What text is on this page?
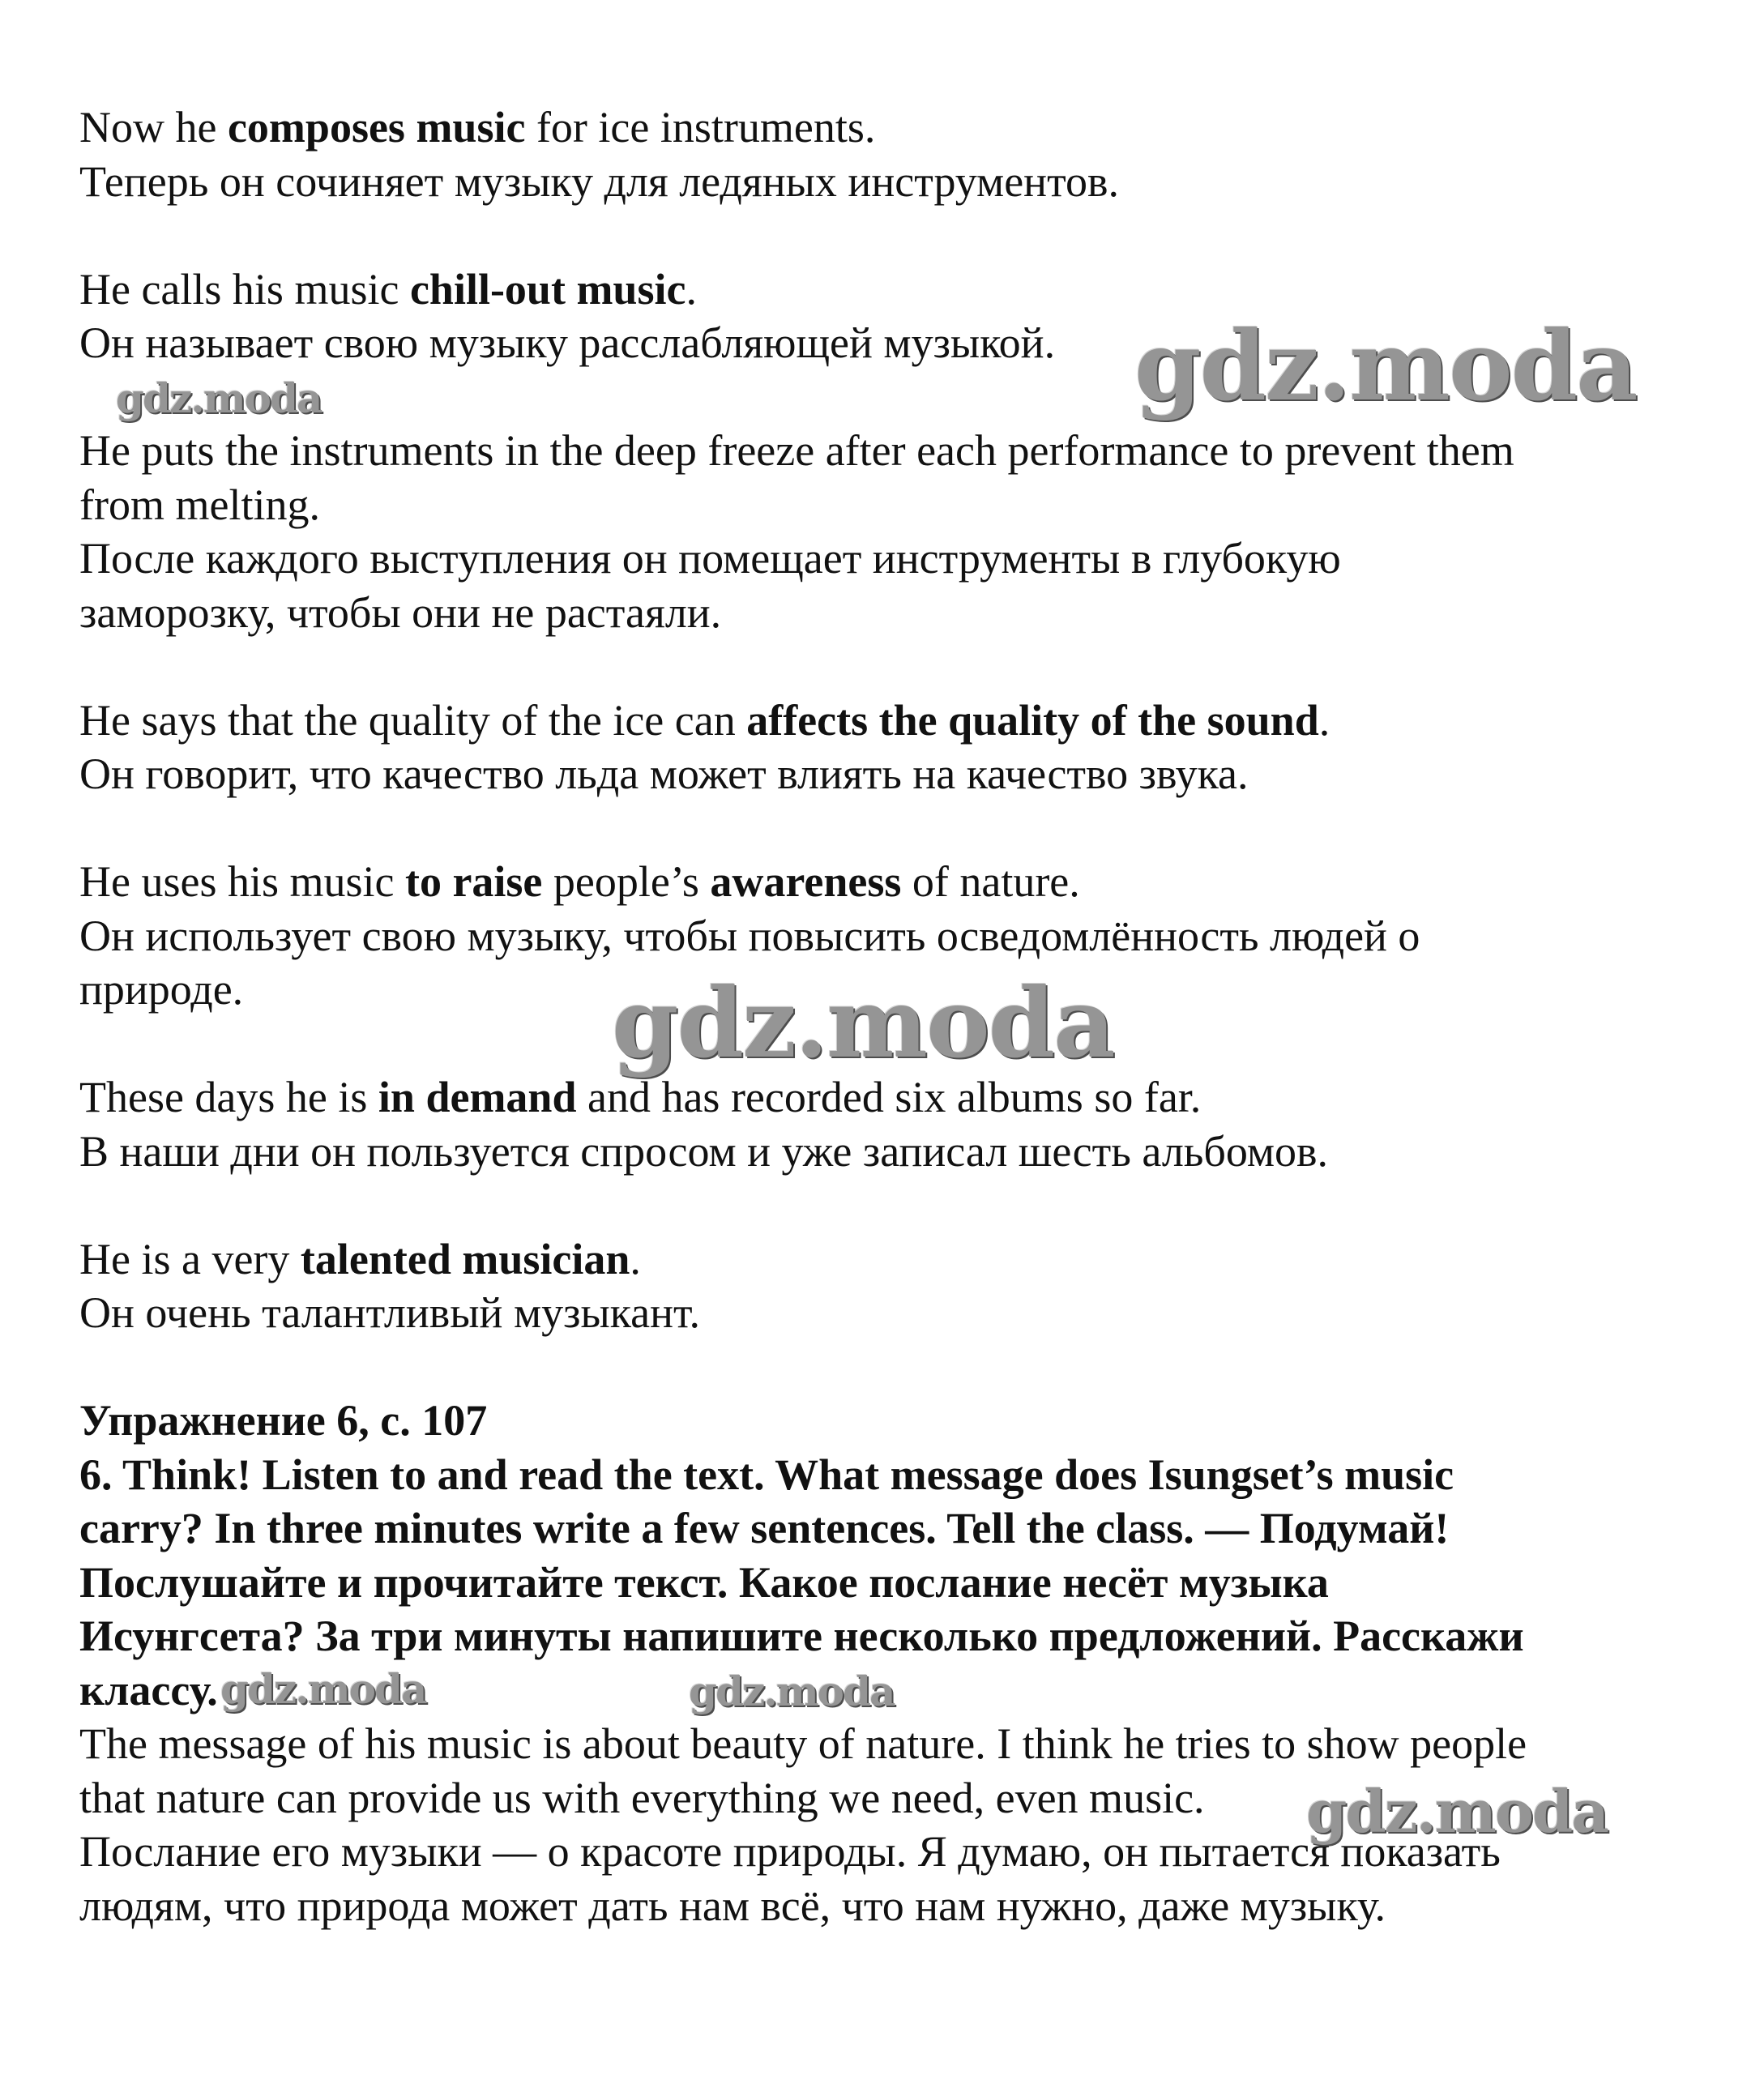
Now he composes music for ice instruments.

Теперь он сочиняет музыку для ледяных инструментов.

He calls his music chill-out music.

Он называет свою музыку расслабляющей музыкой.

He puts the instruments in the deep freeze after each performance to prevent them

from melting.

После каждого выступления он помещает инструменты в глубокую

заморозку, чтобы они не растаяли.

He says that the quality of the ice can affects the quality of the sound.

Он говорит, что качество льда может влиять на качество звука.

He uses his music to raise people’s awareness of nature.

Он использует свою музыку, чтобы повысить осведомлённость людей о

природе.

These days he is in demand and has recorded six albums so far.

В наши дни он пользуется спросом и уже записал шесть альбомов.

He is a very talented musician.

Он очень талантливый музыкант.

Упражнение 6, с. 107

6. Think! Listen to and read the text. What message does Isungset’s music

carry? In three minutes write a few sentences. Tell the class. — Подумай!

Послушайте и прочитайте текст. Какое послание несёт музыка

Исунгсета? За три минуты напишите несколько предложений. Расскажи

классу.

The message of his music is about beauty of nature. I think he tries to show people

that nature can provide us with everything we need, even music.

Послание его музыки — о красоте природы. Я думаю, он пытается показать

людям, что природа может дать нам всё, что нам нужно, даже музыку.

gdz.moda
gdz.moda
gdz.moda
gdz.moda	gdz.moda
gdz.moda
